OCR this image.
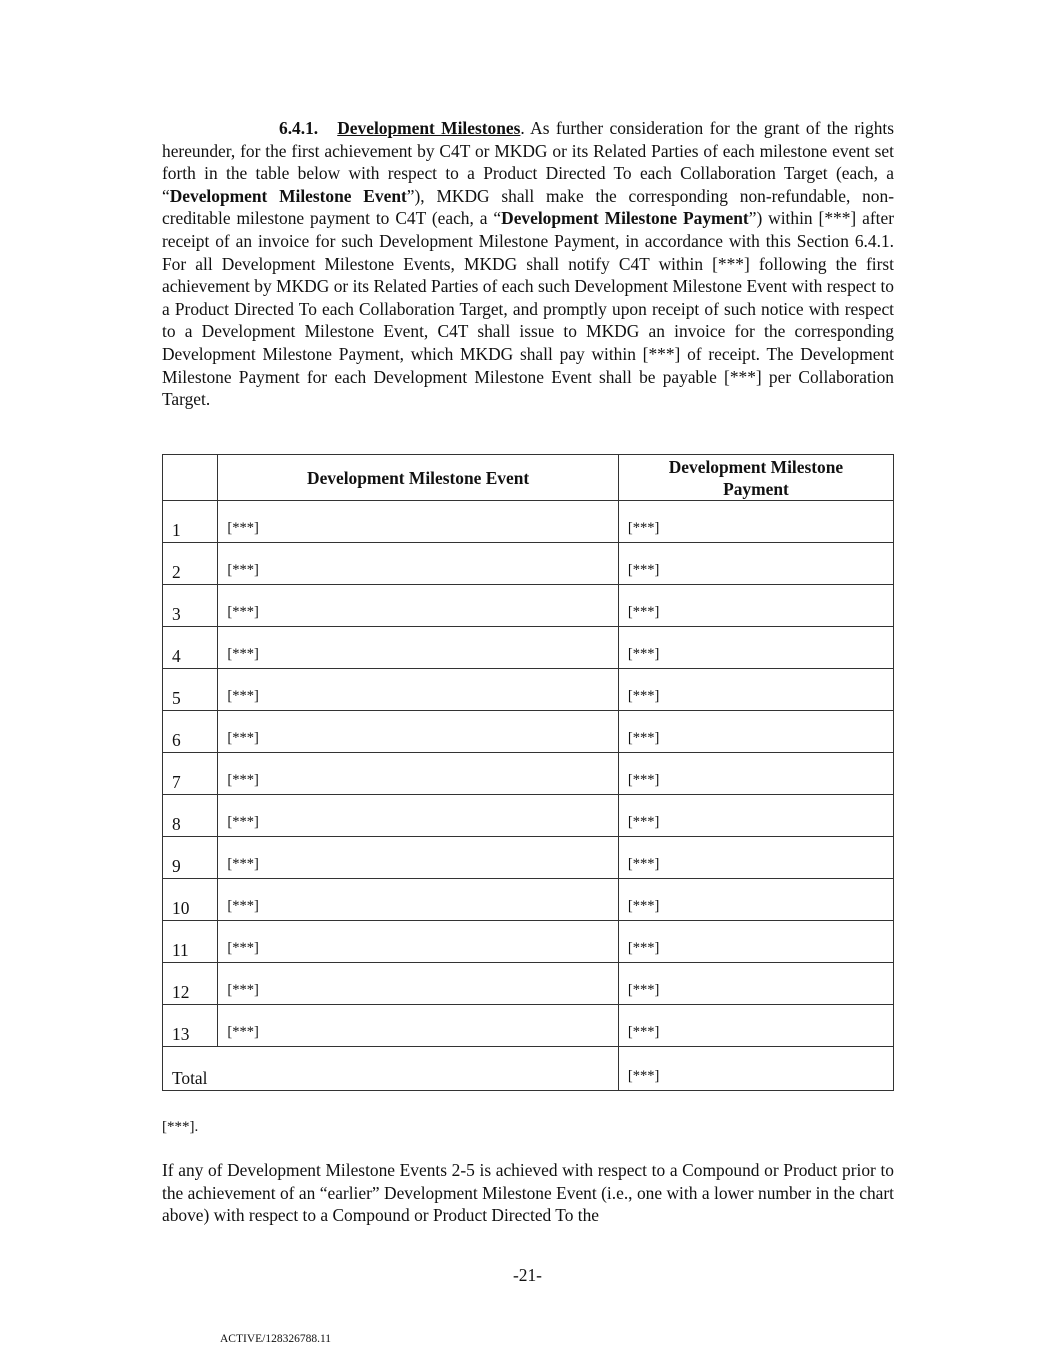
6.4.1. Development Milestones. As further consideration for the grant of the rights hereunder, for the first achievement by C4T or MKDG or its Related Parties of each milestone event set forth in the table below with respect to a Product Directed To each Collaboration Target (each, a “Development Milestone Event”), MKDG shall make the corresponding non-refundable, non-creditable milestone payment to C4T (each, a “Development Milestone Payment”) within [***] after receipt of an invoice for such Development Milestone Payment, in accordance with this Section 6.4.1. For all Development Milestone Events, MKDG shall notify C4T within [***] following the first achievement by MKDG or its Related Parties of each such Development Milestone Event with respect to a Product Directed To each Collaboration Target, and promptly upon receipt of such notice with respect to a Development Milestone Event, C4T shall issue to MKDG an invoice for the corresponding Development Milestone Payment, which MKDG shall pay within [***] of receipt. The Development Milestone Payment for each Development Milestone Event shall be payable [***] per Collaboration Target.

	Development Milestone Event	Development Milestone Payment
1	[***]	[***]
2	[***]	[***]
3	[***]	[***]
4	[***]	[***]
5	[***]	[***]
6	[***]	[***]
7	[***]	[***]
8	[***]	[***]
9	[***]	[***]
10	[***]	[***]
11	[***]	[***]
12	[***]	[***]
13	[***]	[***]
Total		[***]

[***].

If any of Development Milestone Events 2-5 is achieved with respect to a Compound or Product prior to the achievement of an “earlier” Development Milestone Event (i.e., one with a lower number in the chart above) with respect to a Compound or Product Directed To the

-21-
ACTIVE/128326788.11
